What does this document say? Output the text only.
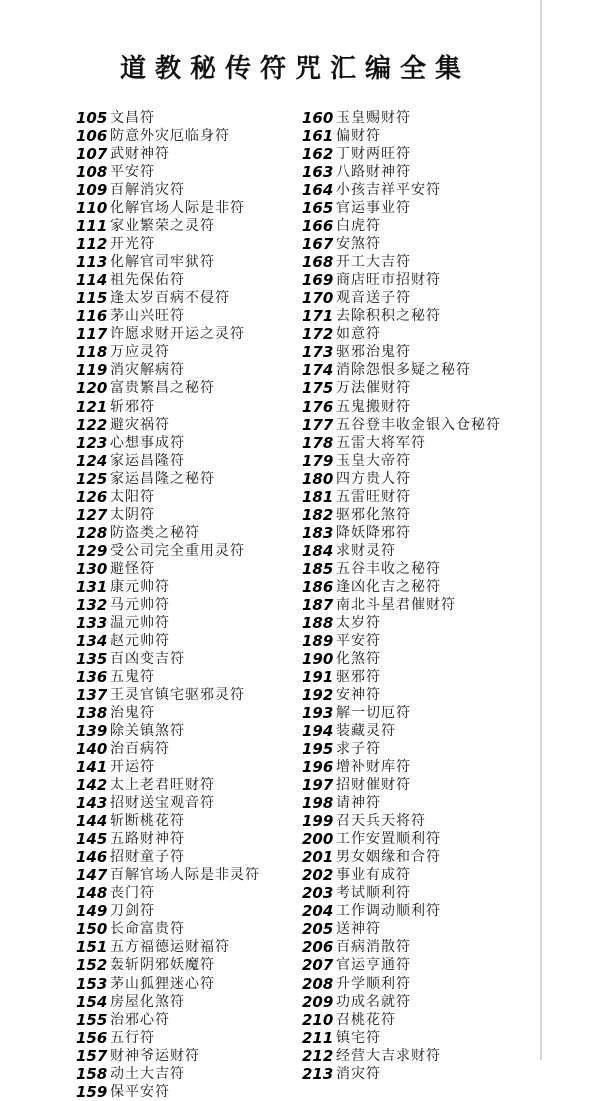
道教秘传符咒汇编全集
105 文昌符
106 防意外灾厄临身符
107 武财神符
108 平安符
109 百解消灾符
110 化解官场人际是非符
111 家业繁荣之灵符
112 开光符
113 化解官司牢狱符
114 祖先保佑符
115 逢太岁百病不侵符
116 茅山兴旺符
117 许愿求财开运之灵符
118 万应灵符
119 消灾解病符
120 富贵繁昌之秘符
121 斩邪符
122 避灾祸符
123 心想事成符
124 家运昌隆符
125 家运昌隆之秘符
126 太阳符
127 太阴符
128 防盗类之秘符
129 受公司完全重用灵符
130 避怪符
131 康元帅符
132 马元帅符
133 温元帅符
134 赵元帅符
135 百凶变吉符
136 五鬼符
137 王灵官镇宅驱邪灵符
138 治鬼符
139 除关镇煞符
140 治百病符
141 开运符
142 太上老君旺财符
143 招财送宝观音符
144 斩断桃花符
145 五路财神符
146 招财童子符
147 百解官场人际是非灵符
148 丧门符
149 刀剑符
150 长命富贵符
151 五方福德运财福符
152 轰斩阴邪妖魔符
153 茅山狐狸迷心符
154 房屋化煞符
155 治邪心符
156 五行符
157 财神爷运财符
158 动土大吉符
159 保平安符
160 玉皇赐财符
161 偏财符
162 丁财两旺符
163 八路财神符
164 小孩吉祥平安符
165 官运事业符
166 白虎符
167 安煞符
168 开工大吉符
169 商店旺市招财符
170 观音送子符
171 去除积积之秘符
172 如意符
173 驱邪治鬼符
174 消除怨恨多疑之秘符
175 万法催财符
176 五鬼搬财符
177 五谷登丰收金银入仓秘符
178 五雷大将军符
179 玉皇大帝符
180 四方贵人符
181 五雷旺财符
182 驱邪化煞符
183 降妖降邪符
184 求财灵符
185 五谷丰收之秘符
186 逢凶化吉之秘符
187 南北斗星君催财符
188 太岁符
189 平安符
190 化煞符
191 驱邪符
192 安神符
193 解一切厄符
194 装藏灵符
195 求子符
196 增补财库符
197 招财催财符
198 请神符
199 召天兵天将符
200 工作安置顺利符
201 男女姻缘和合符
202 事业有成符
203 考试顺利符
204 工作调动顺利符
205 送神符
206 百病消散符
207 官运亨通符
208 升学顺利符
209 功成名就符
210 召桃花符
211 镇宅符
212 经营大吉求财符
213 消灾符
